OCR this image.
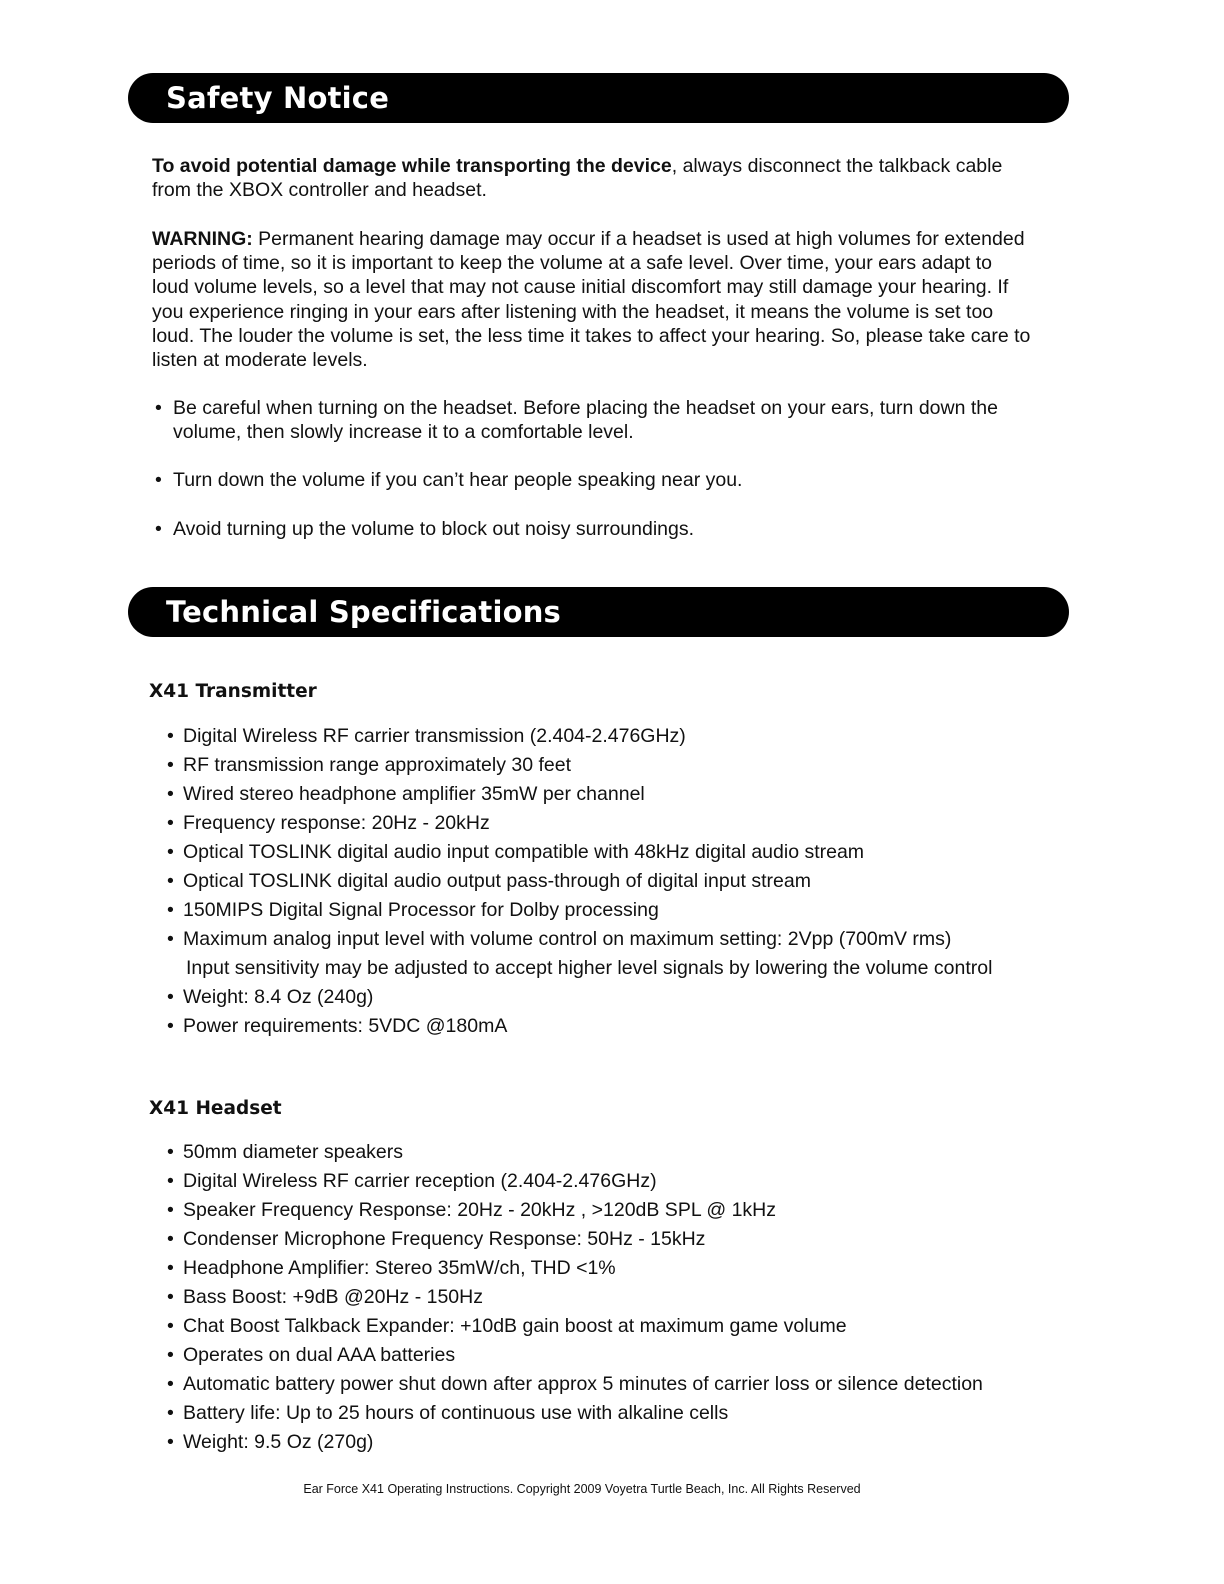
Safety Notice

To avoid potential damage while transporting the device, always disconnect the talkback cable from the XBOX controller and headset.

WARNING: Permanent hearing damage may occur if a headset is used at high volumes for extended periods of time, so it is important to keep the volume at a safe level. Over time, your ears adapt to loud volume levels, so a level that may not cause initial discomfort may still damage your hearing. If you experience ringing in your ears after listening with the headset, it means the volume is set too loud. The louder the volume is set, the less time it takes to affect your hearing. So, please take care to listen at moderate levels.

• Be careful when turning on the headset. Before placing the headset on your ears, turn down the volume, then slowly increase it to a comfortable level.
• Turn down the volume if you can’t hear people speaking near you.
• Avoid turning up the volume to block out noisy surroundings.
Technical Specifications
X41 Transmitter
• Digital Wireless RF carrier transmission (2.404-2.476GHz)
• RF transmission range approximately 30 feet
• Wired stereo headphone amplifier 35mW per channel
• Frequency response: 20Hz - 20kHz
• Optical TOSLINK digital audio input compatible with 48kHz digital audio stream
• Optical TOSLINK digital audio output pass-through of digital input stream
• 150MIPS Digital Signal Processor for Dolby processing
• Maximum analog input level with volume control on maximum setting: 2Vpp (700mV rms)
Input sensitivity may be adjusted to accept higher level signals by lowering the volume control
• Weight: 8.4 Oz (240g)
• Power requirements: 5VDC @180mA
X41 Headset
• 50mm diameter speakers
• Digital Wireless RF carrier reception (2.404-2.476GHz)
• Speaker Frequency Response: 20Hz - 20kHz , >120dB SPL @ 1kHz
• Condenser Microphone Frequency Response: 50Hz - 15kHz
• Headphone Amplifier: Stereo 35mW/ch, THD <1%
• Bass Boost: +9dB @20Hz - 150Hz
• Chat Boost Talkback Expander: +10dB gain boost at maximum game volume
• Operates on dual AAA batteries
• Automatic battery power shut down after approx 5 minutes of carrier loss or silence detection
• Battery life: Up to 25 hours of continuous use with alkaline cells
• Weight: 9.5 Oz (270g)
Ear Force X41 Operating Instructions. Copyright 2009 Voyetra Turtle Beach, Inc. All Rights Reserved
